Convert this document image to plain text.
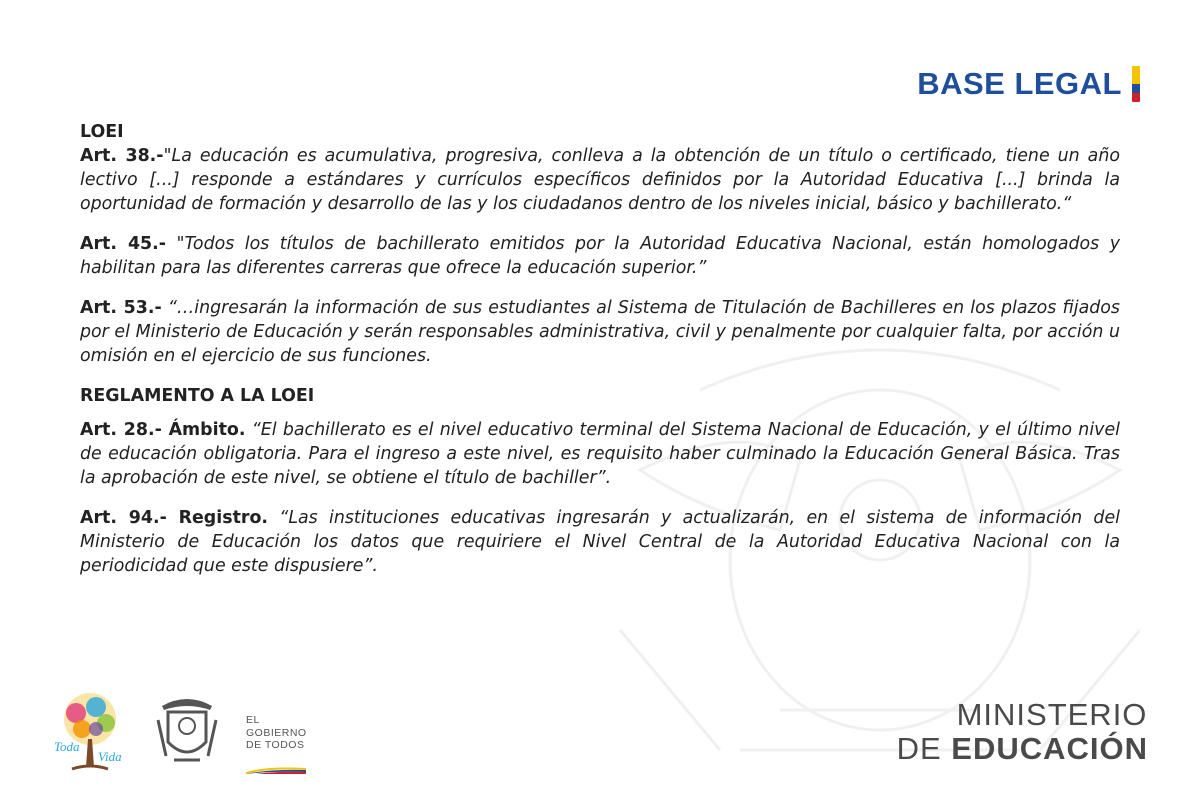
BASE LEGAL

LOEI

Art. 38.-"La educación es acumulativa, progresiva, conlleva a la obtención de un título o certificado, tiene un año lectivo [...] responde a estándares y currículos específicos definidos por la Autoridad Educativa [...] brinda la oportunidad de formación y desarrollo de las y los ciudadanos dentro de los niveles inicial, básico y bachillerato.“

Art. 45.- "Todos los títulos de bachillerato emitidos por la Autoridad Educativa Nacional, están homologados y habilitan para las diferentes carreras que ofrece la educación superior.”

Art. 53.- “…ingresarán la información de sus estudiantes al Sistema de Titulación de Bachilleres en los plazos fijados por el Ministerio de Educación y serán responsables administrativa, civil y penalmente por cualquier falta, por acción u omisión en el ejercicio de sus funciones.

REGLAMENTO A LA LOEI

Art. 28.- Ámbito. “El bachillerato es el nivel educativo terminal del Sistema Nacional de Educación, y el último nivel de educación obligatoria. Para el ingreso a este nivel, es requisito haber culminado la Educación General Básica. Tras la aprobación de este nivel, se obtiene el título de bachiller”.

Art. 94.- Registro. “Las instituciones educativas ingresarán y actualizarán, en el sistema de información del Ministerio de Educación los datos que requiriere el Nivel Central de la Autoridad Educativa Nacional con la periodicidad que este dispusiere”.

Toda
Vida
EL
GOBIERNO
DE TODOS
MINISTERIO
DE EDUCACIÓN
